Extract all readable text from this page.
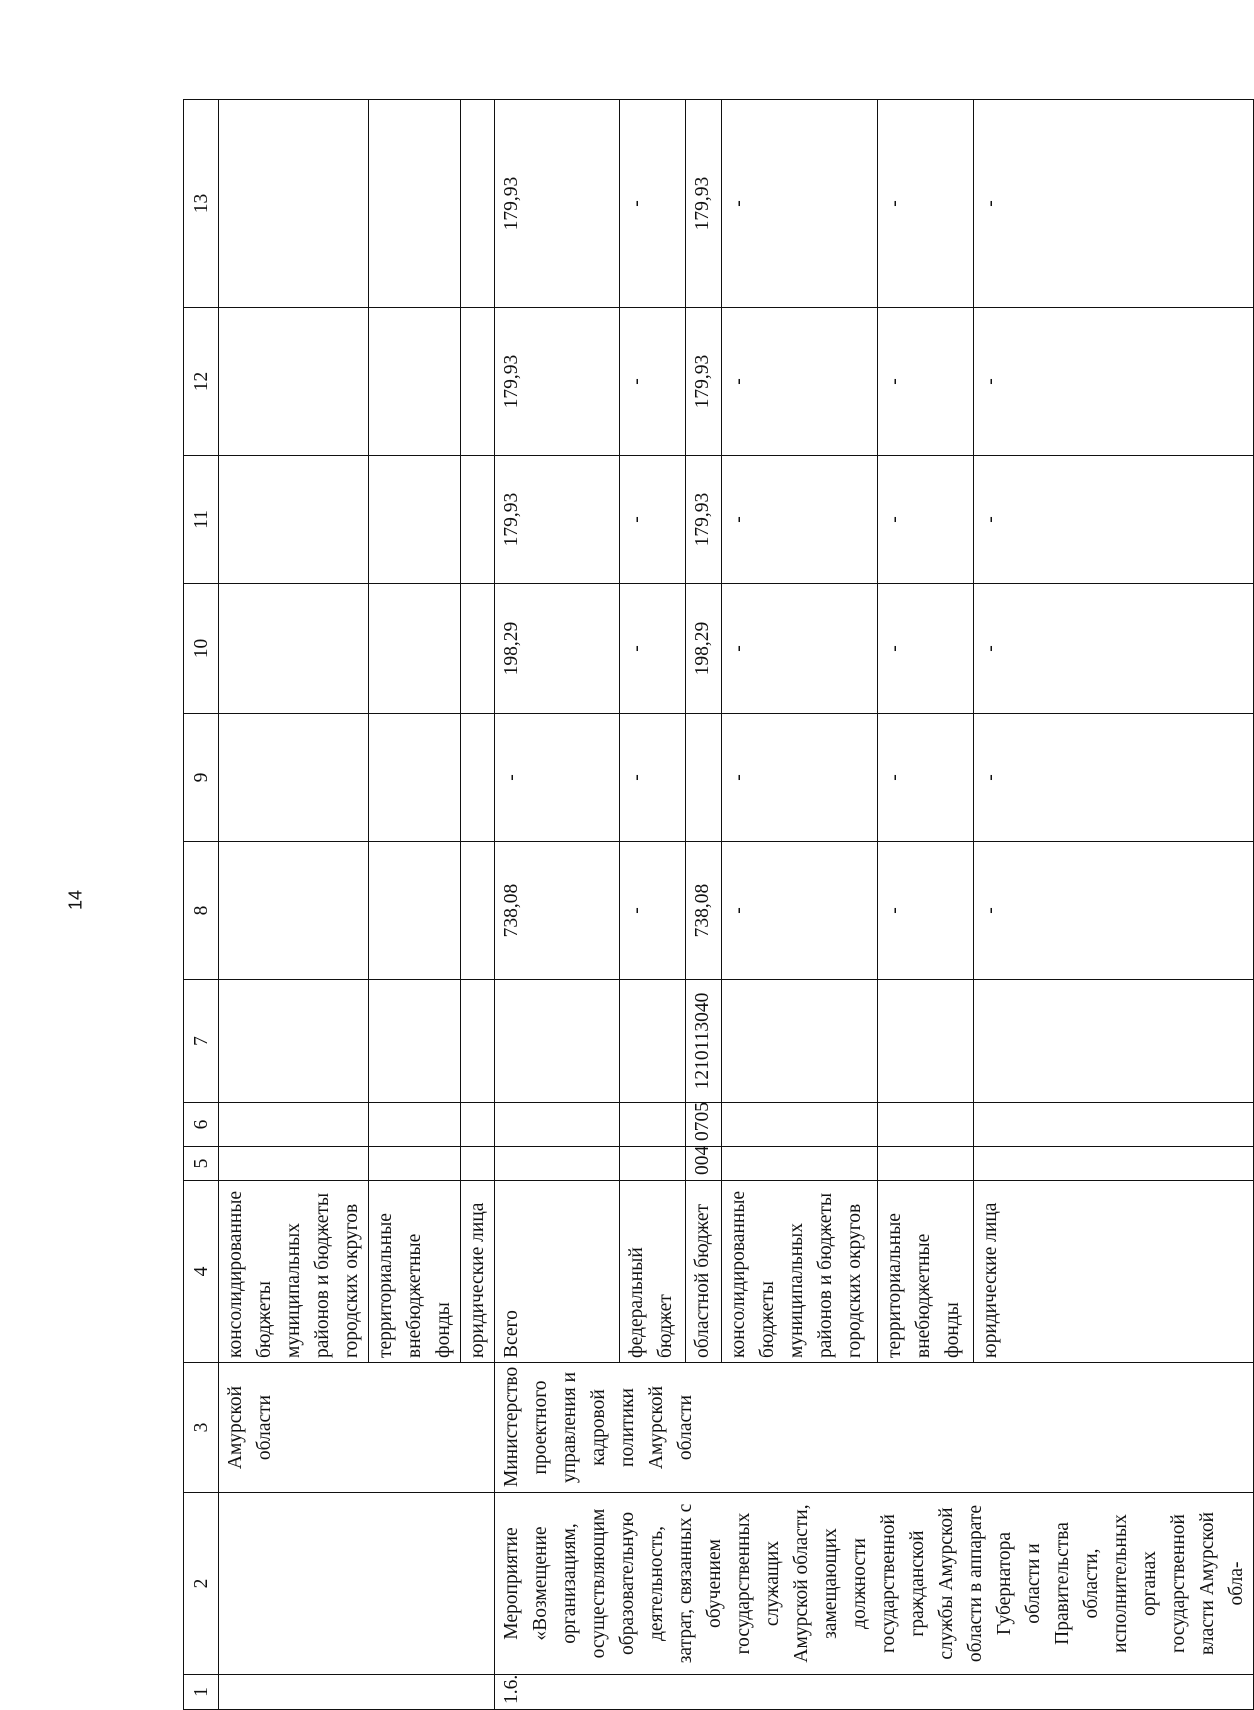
14
1	2	3	4	5	6	7	8	9	10	11	12	13
		Амурской области	консолидированные бюджеты муниципальных районов и бюджеты городских округов									
			территориальные внебюджетные фонды									
			юридические лица									
1.6.	Мероприятие «Возмещение организациям, осуществляющим образовательную деятельность, затрат, связанных с обучением государственных служащих Амурской области, замещающих должности государственной гражданской службы Амурской области в аппарате Губернатора области и Правительства области, исполнительных органах государственной власти Амурской обла-	Министерство проектного управления и кадровой политики Амурской области	Всего				738,08	-	198,29	179,93	179,93	179,93
			федеральный бюджет				-	-	-	-	-	-
			областной бюджет	004	0705	1210113040	738,08		198,29	179,93	179,93	179,93
			консолидированные бюджеты муниципальных районов и бюджеты городских округов				-	-	-	-	-	-
			территориальные внебюджетные фонды				-	-	-	-	-	-
			юридические лица				-	-	-	-	-	-
